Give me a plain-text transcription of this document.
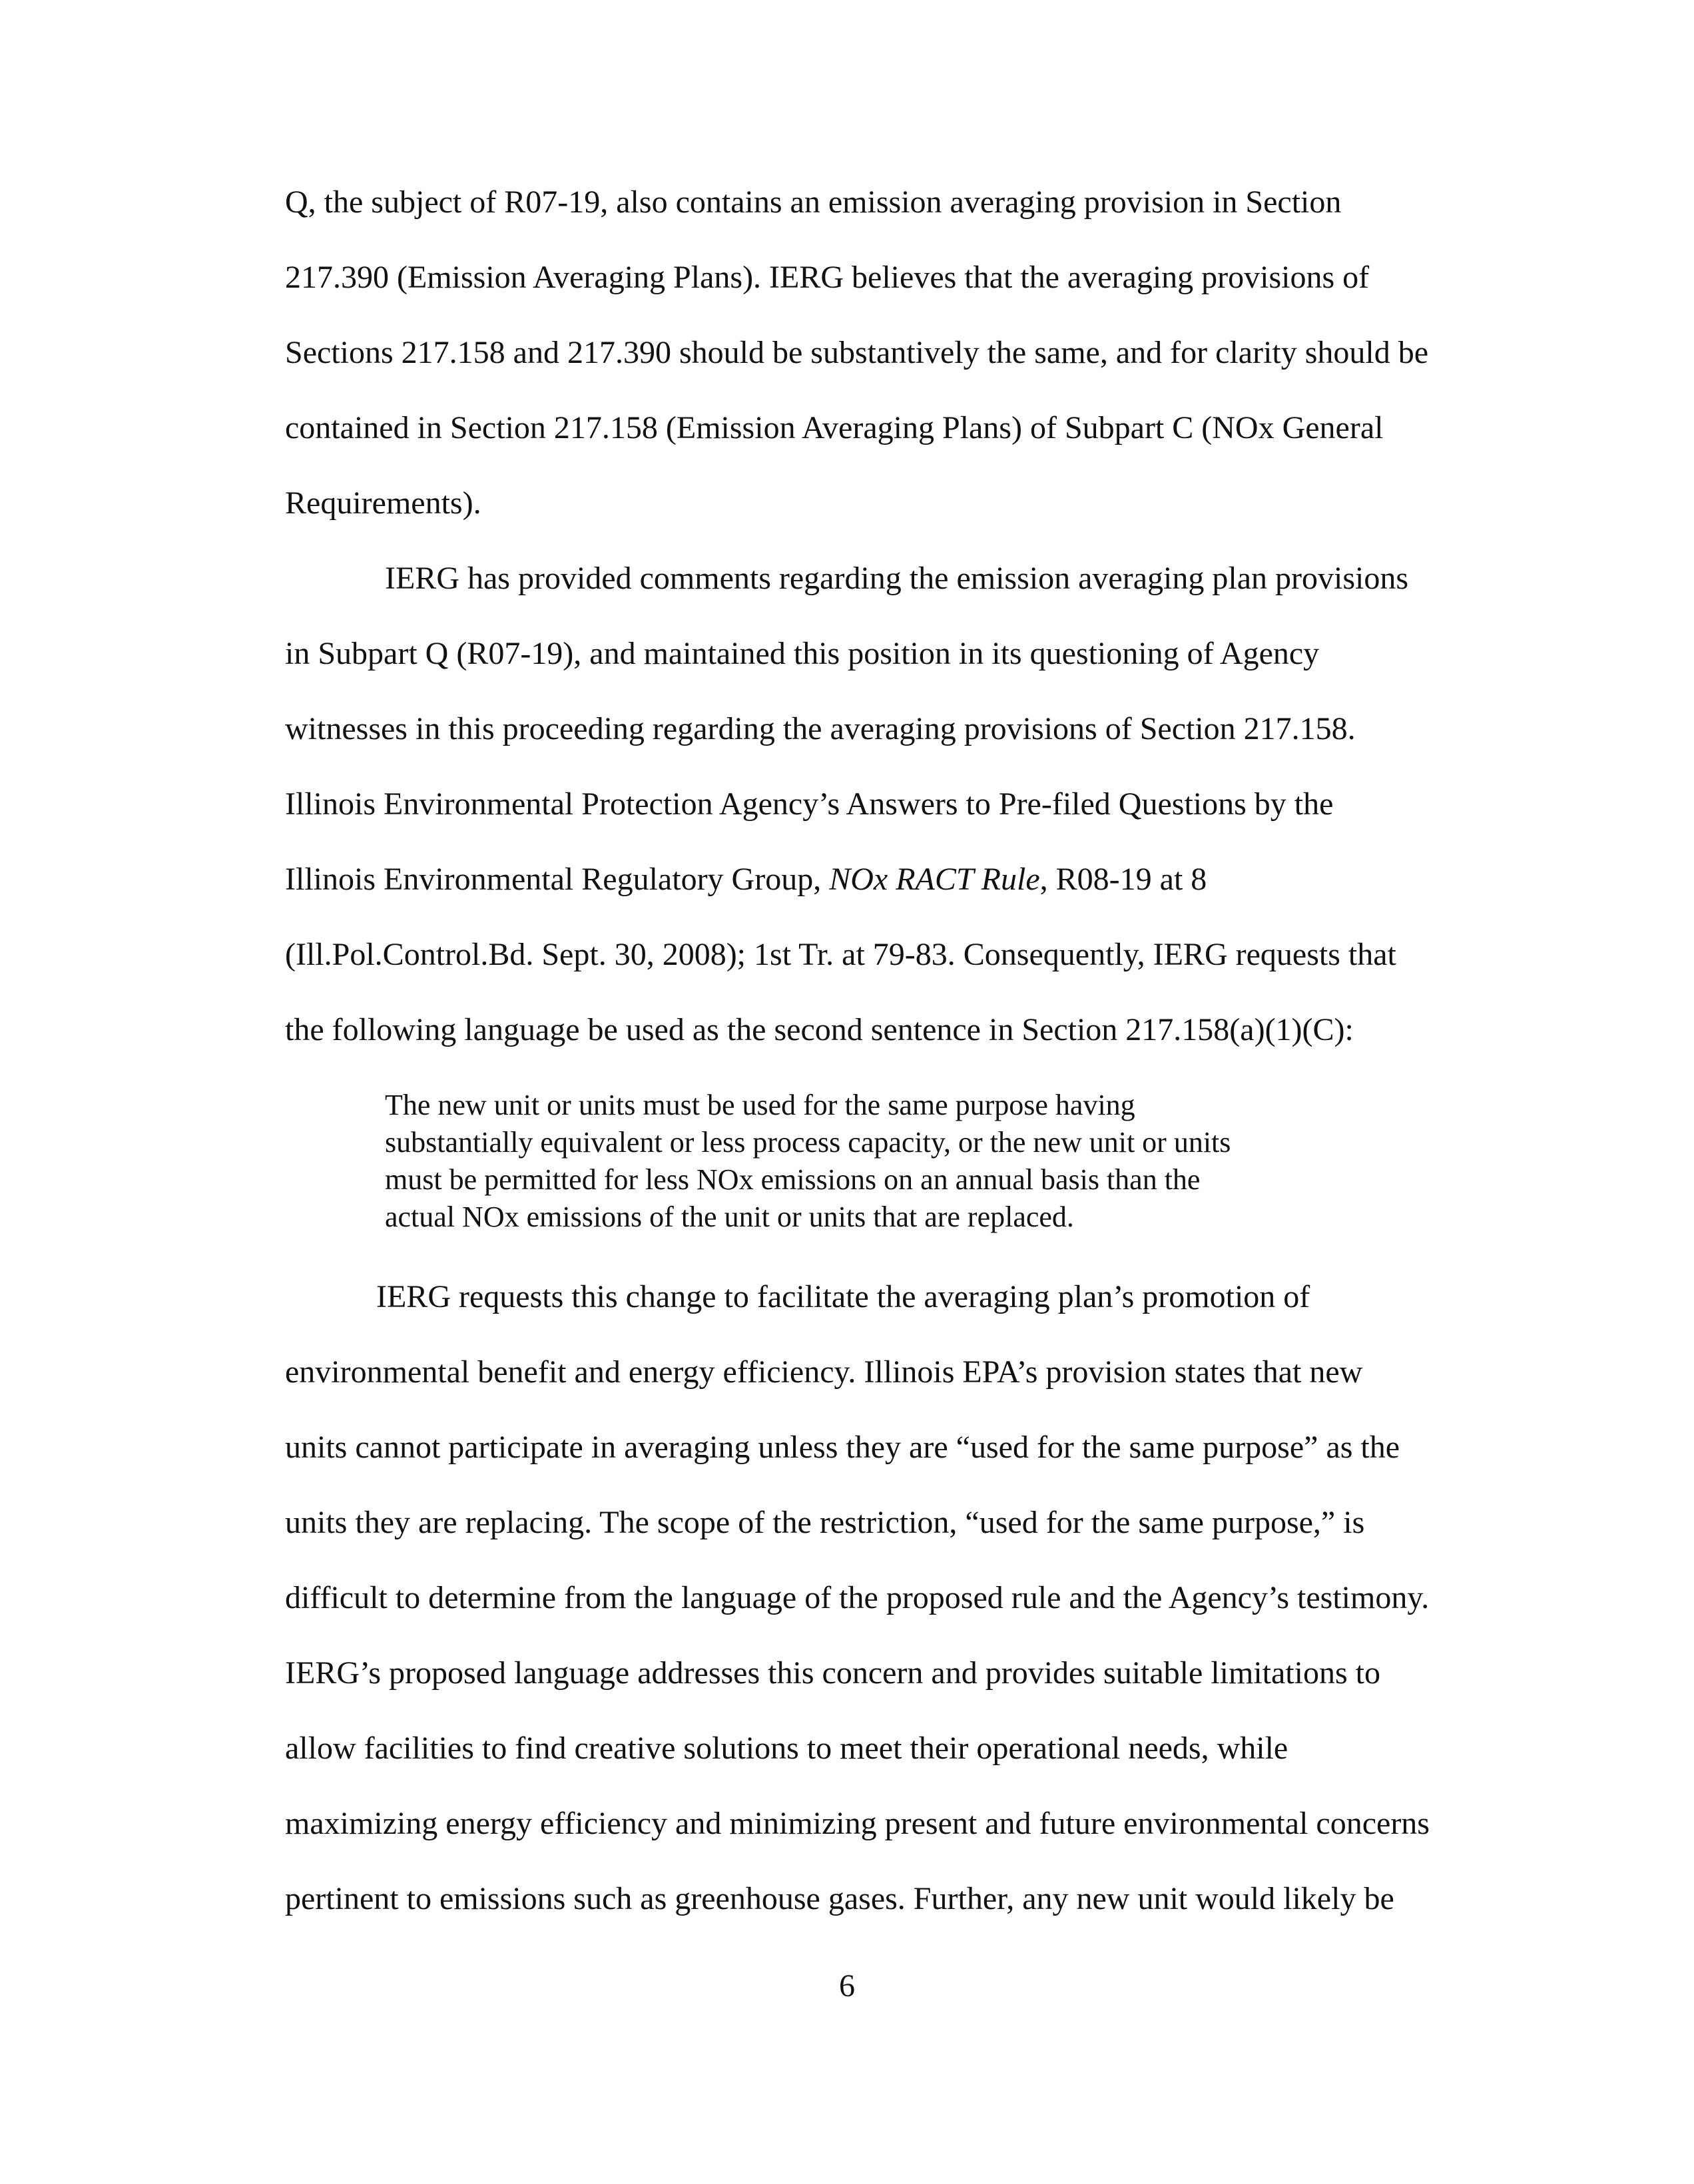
Q, the subject of R07-19, also contains an emission averaging provision in Section
217.390 (Emission Averaging Plans). IERG believes that the averaging provisions of
Sections 217.158 and 217.390 should be substantively the same, and for clarity should be
contained in Section 217.158 (Emission Averaging Plans) of Subpart C (NOx General
Requirements).
IERG has provided comments regarding the emission averaging plan provisions
in Subpart Q (R07-19), and maintained this position in its questioning of Agency
witnesses in this proceeding regarding the averaging provisions of Section 217.158.
Illinois Environmental Protection Agency’s Answers to Pre-filed Questions by the
Illinois Environmental Regulatory Group, NOx RACT Rule, R08-19 at 8
(Ill.Pol.Control.Bd. Sept. 30, 2008); 1st Tr. at 79-83. Consequently, IERG requests that
the following language be used as the second sentence in Section 217.158(a)(1)(C):
The new unit or units must be used for the same purpose having
substantially equivalent or less process capacity, or the new unit or units
must be permitted for less NOx emissions on an annual basis than the
actual NOx emissions of the unit or units that are replaced.
IERG requests this change to facilitate the averaging plan’s promotion of
environmental benefit and energy efficiency. Illinois EPA’s provision states that new
units cannot participate in averaging unless they are “used for the same purpose” as the
units they are replacing. The scope of the restriction, “used for the same purpose,” is
difficult to determine from the language of the proposed rule and the Agency’s testimony.
IERG’s proposed language addresses this concern and provides suitable limitations to
allow facilities to find creative solutions to meet their operational needs, while
maximizing energy efficiency and minimizing present and future environmental concerns
pertinent to emissions such as greenhouse gases. Further, any new unit would likely be
6
